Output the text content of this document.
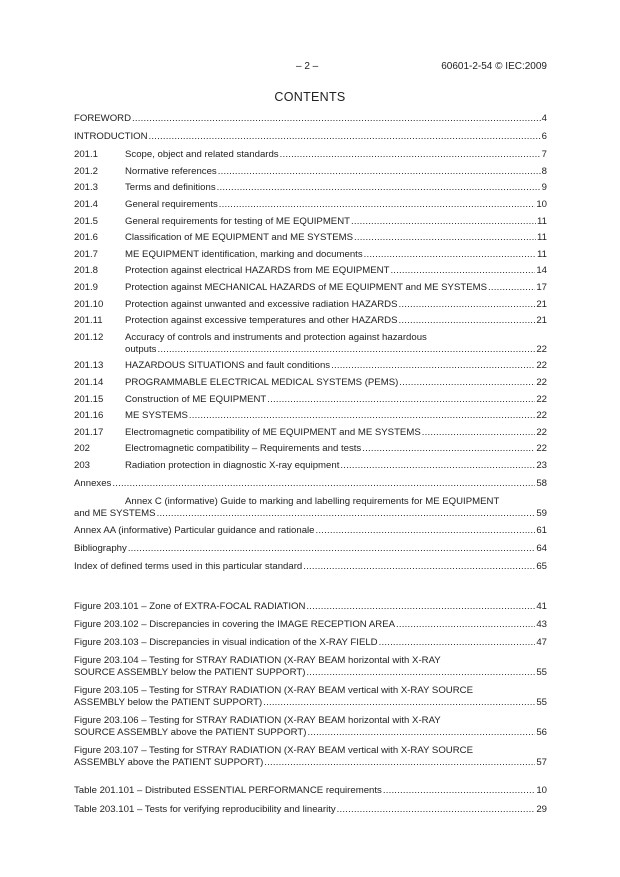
– 2 –	60601-2-54 © IEC:2009
CONTENTS
FOREWORD .....	4
INTRODUCTION .....	6
201.1	Scope, object and related standards .....	7
201.2	Normative references .....	8
201.3	Terms and definitions .....	9
201.4	General requirements .....	10
201.5	General requirements for testing of ME EQUIPMENT .....	11
201.6	Classification of ME EQUIPMENT and ME SYSTEMS .....	11
201.7	ME EQUIPMENT identification, marking and documents .....	11
201.8	Protection against electrical HAZARDS from ME EQUIPMENT .....	14
201.9	Protection against MECHANICAL HAZARDS of ME EQUIPMENT and ME SYSTEMS .....	17
201.10	Protection against unwanted and excessive radiation HAZARDS .....	21
201.11	Protection against excessive temperatures and other HAZARDS .....	21
201.12	Accuracy of controls and instruments and protection against hazardous
outputs .....	22
201.13	HAZARDOUS SITUATIONS and fault conditions .....	22
201.14	PROGRAMMABLE ELECTRICAL MEDICAL SYSTEMS (PEMS) .....	22
201.15	Construction of ME EQUIPMENT .....	22
201.16	ME SYSTEMS .....	22
201.17	Electromagnetic compatibility of ME EQUIPMENT and ME SYSTEMS .....	22
202	Electromagnetic compatibility – Requirements and tests .....	22
203	Radiation protection in diagnostic X-ray equipment .....	23
Annexes .....	58
Annex C (informative) Guide to marking and labelling requirements for ME EQUIPMENT
and ME SYSTEMS .....	59
Annex AA (informative) Particular guidance and rationale .....	61
Bibliography .....	64
Index of defined terms used in this particular standard .....	65
Figure 203.101 – Zone of EXTRA-FOCAL RADIATION .....	41
Figure 203.102 – Discrepancies in covering the IMAGE RECEPTION AREA .....	43
Figure 203.103 – Discrepancies in visual indication of the X-RAY FIELD .....	47
Figure 203.104 – Testing for STRAY RADIATION (X-RAY BEAM horizontal with X-RAY
SOURCE ASSEMBLY below the PATIENT SUPPORT) .....	55
Figure 203.105 – Testing for STRAY RADIATION (X-RAY BEAM vertical with X-RAY SOURCE
ASSEMBLY below the PATIENT SUPPORT) .....	55
Figure 203.106 – Testing for STRAY RADIATION (X-RAY BEAM horizontal with X-RAY
SOURCE ASSEMBLY above the PATIENT SUPPORT) .....	56
Figure 203.107 – Testing for STRAY RADIATION (X-RAY BEAM vertical with X-RAY SOURCE
ASSEMBLY above the PATIENT SUPPORT) .....	57
Table 201.101 – Distributed ESSENTIAL PERFORMANCE requirements .....	10
Table 203.101 – Tests for verifying reproducibility and linearity .....	29
